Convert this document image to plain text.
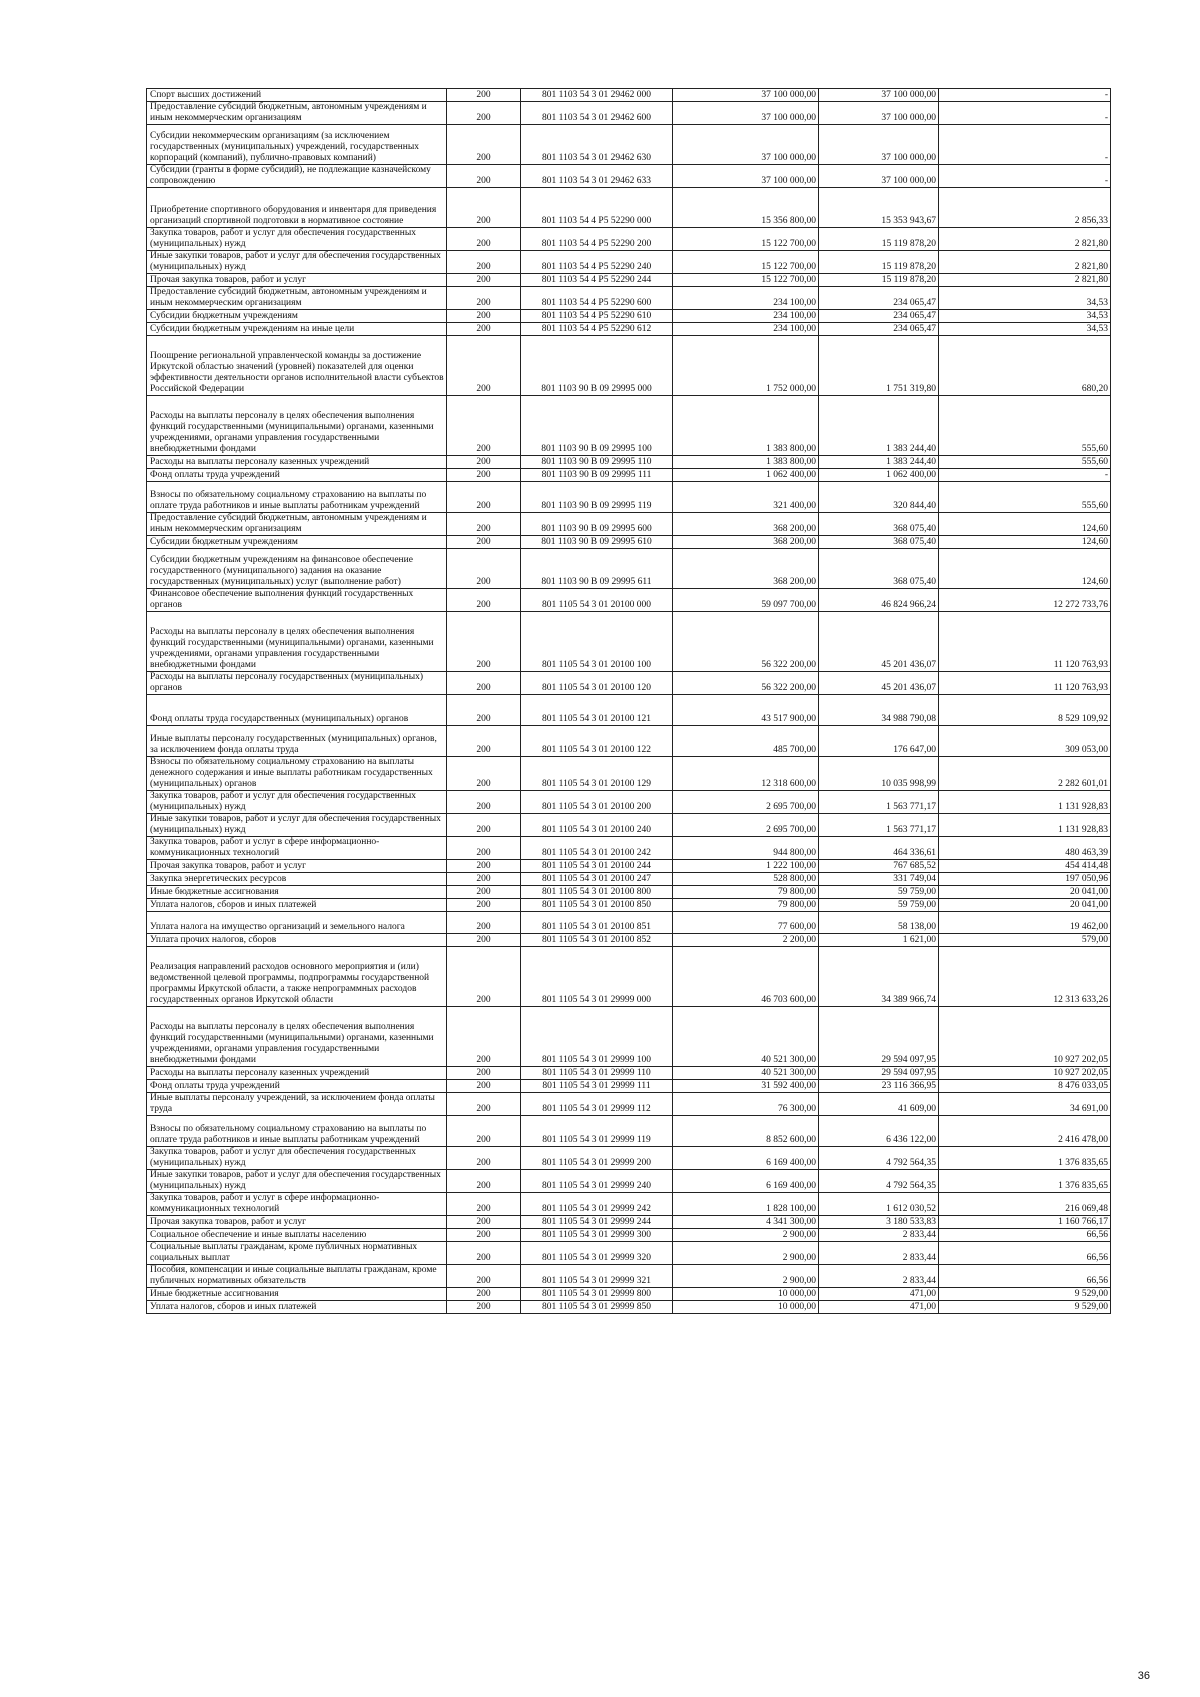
Спорт высших достижений	200	801 1103 54 3 01 29462 000	37 100 000,00	37 100 000,00	-
Предоставление субсидий бюджетным, автономным учреждениям и иным некоммерческим организациям	200	801 1103 54 3 01 29462 600	37 100 000,00	37 100 000,00	-
Субсидии некоммерческим организациям (за исключением государственных (муниципальных) учреждений, государственных корпораций (компаний), публично-правовых компаний)	200	801 1103 54 3 01 29462 630	37 100 000,00	37 100 000,00	-
Субсидии (гранты в форме субсидий), не подлежащие казначейскому сопровождению	200	801 1103 54 3 01 29462 633	37 100 000,00	37 100 000,00	-
Приобретение спортивного оборудования и инвентаря для приведения организаций спортивной подготовки в нормативное состояние	200	801 1103 54 4 P5 52290 000	15 356 800,00	15 353 943,67	2 856,33
Закупка товаров, работ и услуг для обеспечения государственных (муниципальных) нужд	200	801 1103 54 4 P5 52290 200	15 122 700,00	15 119 878,20	2 821,80
Иные закупки товаров, работ и услуг для обеспечения государственных (муниципальных) нужд	200	801 1103 54 4 P5 52290 240	15 122 700,00	15 119 878,20	2 821,80
Прочая закупка товаров, работ и услуг	200	801 1103 54 4 P5 52290 244	15 122 700,00	15 119 878,20	2 821,80
Предоставление субсидий бюджетным, автономным учреждениям и иным некоммерческим организациям	200	801 1103 54 4 P5 52290 600	234 100,00	234 065,47	34,53
Субсидии бюджетным учреждениям	200	801 1103 54 4 P5 52290 610	234 100,00	234 065,47	34,53
Субсидии бюджетным учреждениям на иные цели	200	801 1103 54 4 P5 52290 612	234 100,00	234 065,47	34,53
Поощрение региональной управленческой команды за достижение Иркутской областью значений (уровней) показателей для оценки эффективности деятельности органов исполнительной власти субъектов Российской Федерации	200	801 1103 90 В 09 29995 000	1 752 000,00	1 751 319,80	680,20
Расходы на выплаты персоналу в целях обеспечения выполнения функций государственными (муниципальными) органами, казенными учреждениями, органами управления государственными внебюджетными фондами	200	801 1103 90 В 09 29995 100	1 383 800,00	1 383 244,40	555,60
Расходы на выплаты персоналу казенных учреждений	200	801 1103 90 В 09 29995 110	1 383 800,00	1 383 244,40	555,60
Фонд оплаты труда учреждений	200	801 1103 90 В 09 29995 111	1 062 400,00	1 062 400,00	-
Взносы по обязательному социальному страхованию на выплаты по оплате труда работников и иные выплаты работникам учреждений	200	801 1103 90 В 09 29995 119	321 400,00	320 844,40	555,60
Предоставление субсидий бюджетным, автономным учреждениям и иным некоммерческим организациям	200	801 1103 90 В 09 29995 600	368 200,00	368 075,40	124,60
Субсидии бюджетным учреждениям	200	801 1103 90 В 09 29995 610	368 200,00	368 075,40	124,60
Субсидии бюджетным учреждениям на финансовое обеспечение государственного (муниципального) задания на оказание государственных (муниципальных) услуг (выполнение работ)	200	801 1103 90 В 09 29995 611	368 200,00	368 075,40	124,60
Финансовое обеспечение выполнения функций государственных органов	200	801 1105 54 3 01 20100 000	59 097 700,00	46 824 966,24	12 272 733,76
Расходы на выплаты персоналу в целях обеспечения выполнения функций государственными (муниципальными) органами, казенными учреждениями, органами управления государственными внебюджетными фондами	200	801 1105 54 3 01 20100 100	56 322 200,00	45 201 436,07	11 120 763,93
Расходы на выплаты персоналу государственных (муниципальных) органов	200	801 1105 54 3 01 20100 120	56 322 200,00	45 201 436,07	11 120 763,93
Фонд оплаты труда государственных (муниципальных) органов	200	801 1105 54 3 01 20100 121	43 517 900,00	34 988 790,08	8 529 109,92
Иные выплаты персоналу государственных (муниципальных) органов, за исключением фонда оплаты труда	200	801 1105 54 3 01 20100 122	485 700,00	176 647,00	309 053,00
Взносы по обязательному социальному страхованию на выплаты денежного содержания и иные выплаты работникам государственных (муниципальных) органов	200	801 1105 54 3 01 20100 129	12 318 600,00	10 035 998,99	2 282 601,01
Закупка товаров, работ и услуг для обеспечения государственных (муниципальных) нужд	200	801 1105 54 3 01 20100 200	2 695 700,00	1 563 771,17	1 131 928,83
Иные закупки товаров, работ и услуг для обеспечения государственных (муниципальных) нужд	200	801 1105 54 3 01 20100 240	2 695 700,00	1 563 771,17	1 131 928,83
Закупка товаров, работ и услуг в сфере информационно-коммуникационных технологий	200	801 1105 54 3 01 20100 242	944 800,00	464 336,61	480 463,39
Прочая закупка товаров, работ и услуг	200	801 1105 54 3 01 20100 244	1 222 100,00	767 685,52	454 414,48
Закупка энергетических ресурсов	200	801 1105 54 3 01 20100 247	528 800,00	331 749,04	197 050,96
Иные бюджетные ассигнования	200	801 1105 54 3 01 20100 800	79 800,00	59 759,00	20 041,00
Уплата налогов, сборов и иных платежей	200	801 1105 54 3 01 20100 850	79 800,00	59 759,00	20 041,00
Уплата налога на имущество организаций и земельного налога	200	801 1105 54 3 01 20100 851	77 600,00	58 138,00	19 462,00
Уплата прочих налогов, сборов	200	801 1105 54 3 01 20100 852	2 200,00	1 621,00	579,00
Реализация направлений расходов основного мероприятия и (или) ведомственной целевой программы, подпрограммы государственной программы Иркутской области, а также непрограммных расходов государственных органов Иркутской области	200	801 1105 54 3 01 29999 000	46 703 600,00	34 389 966,74	12 313 633,26
Расходы на выплаты персоналу в целях обеспечения выполнения функций государственными (муниципальными) органами, казенными учреждениями, органами управления государственными внебюджетными фондами	200	801 1105 54 3 01 29999 100	40 521 300,00	29 594 097,95	10 927 202,05
Расходы на выплаты персоналу казенных учреждений	200	801 1105 54 3 01 29999 110	40 521 300,00	29 594 097,95	10 927 202,05
Фонд оплаты труда учреждений	200	801 1105 54 3 01 29999 111	31 592 400,00	23 116 366,95	8 476 033,05
Иные выплаты персоналу учреждений, за исключением фонда оплаты труда	200	801 1105 54 3 01 29999 112	76 300,00	41 609,00	34 691,00
Взносы по обязательному социальному страхованию на выплаты по оплате труда работников и иные выплаты работникам учреждений	200	801 1105 54 3 01 29999 119	8 852 600,00	6 436 122,00	2 416 478,00
Закупка товаров, работ и услуг для обеспечения государственных (муниципальных) нужд	200	801 1105 54 3 01 29999 200	6 169 400,00	4 792 564,35	1 376 835,65
Иные закупки товаров, работ и услуг для обеспечения государственных (муниципальных) нужд	200	801 1105 54 3 01 29999 240	6 169 400,00	4 792 564,35	1 376 835,65
Закупка товаров, работ и услуг в сфере информационно-коммуникационных технологий	200	801 1105 54 3 01 29999 242	1 828 100,00	1 612 030,52	216 069,48
Прочая закупка товаров, работ и услуг	200	801 1105 54 3 01 29999 244	4 341 300,00	3 180 533,83	1 160 766,17
Социальное обеспечение и иные выплаты населению	200	801 1105 54 3 01 29999 300	2 900,00	2 833,44	66,56
Социальные выплаты гражданам, кроме публичных нормативных социальных выплат	200	801 1105 54 3 01 29999 320	2 900,00	2 833,44	66,56
Пособия, компенсации и иные социальные выплаты гражданам, кроме публичных нормативных обязательств	200	801 1105 54 3 01 29999 321	2 900,00	2 833,44	66,56
Иные бюджетные ассигнования	200	801 1105 54 3 01 29999 800	10 000,00	471,00	9 529,00
Уплата налогов, сборов и иных платежей	200	801 1105 54 3 01 29999 850	10 000,00	471,00	9 529,00
36
